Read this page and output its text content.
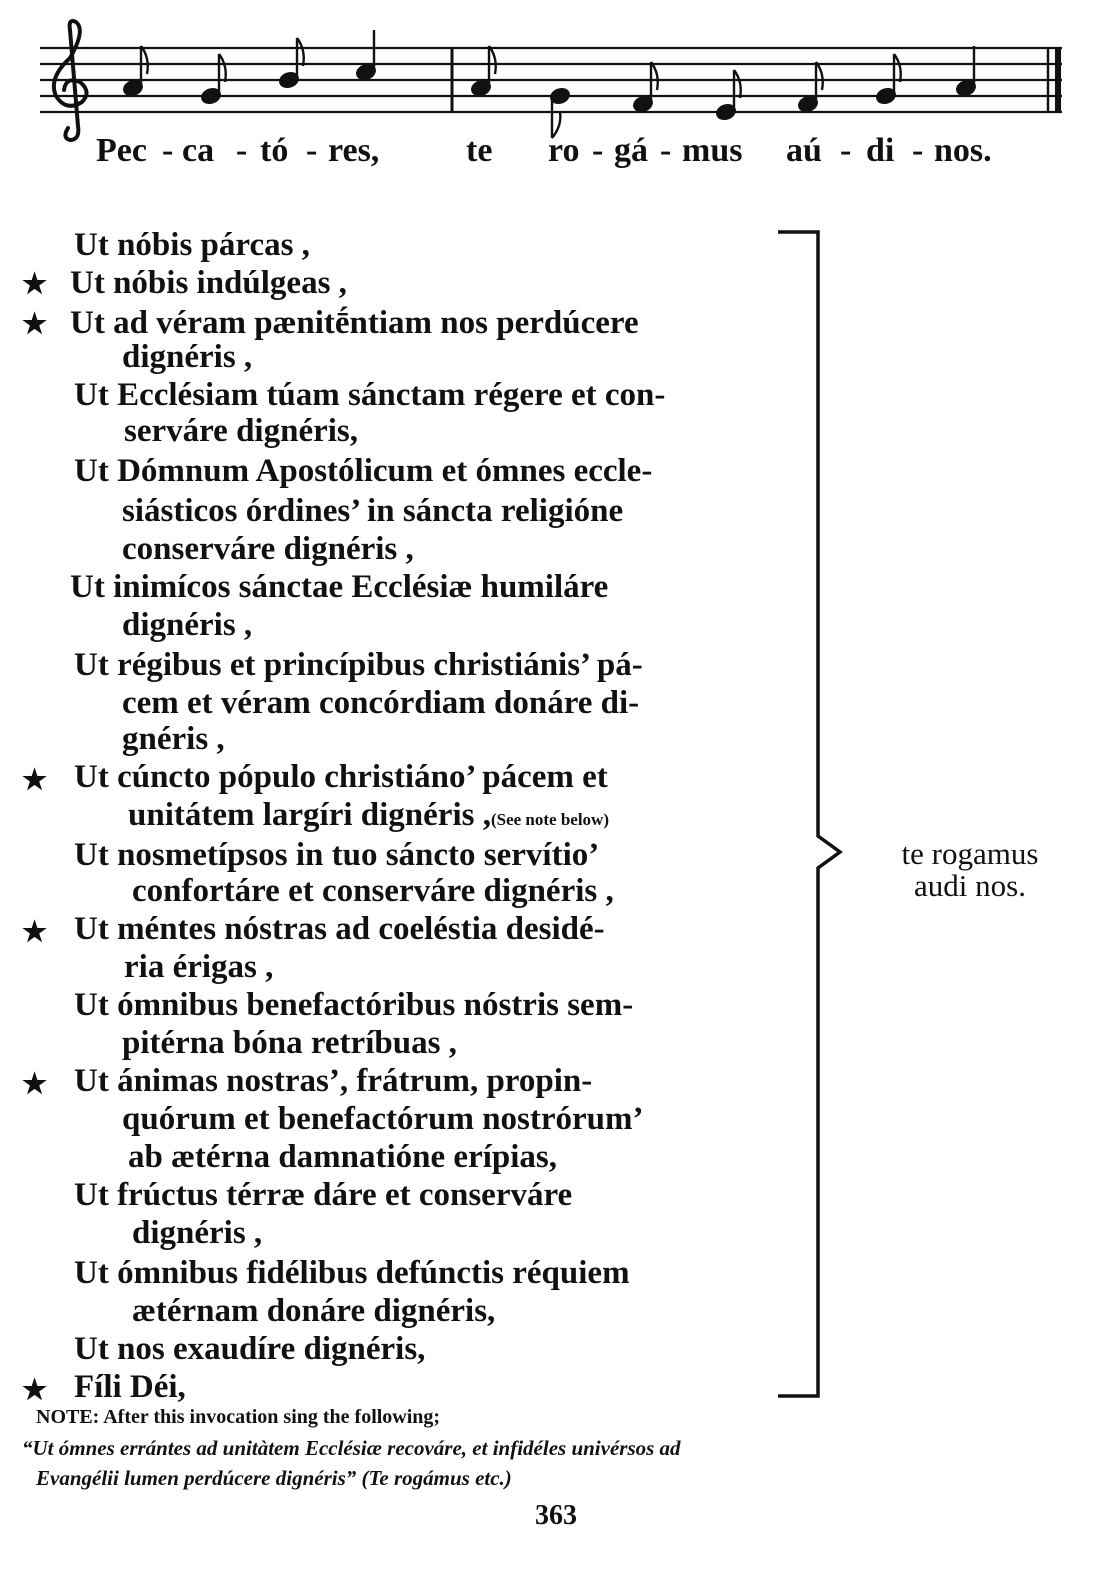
Pec - ca - tó - res,	te ro - gá - mus aú - di - nos.
Ut nóbis párcas ,
★ Ut nóbis indúlgeas ,
★ Ut ad véram pænitḗntiam nos perdúcere
dignéris ,
Ut Ecclésiam túam sánctam régere et con-
serváre dignéris,
Ut Dómnum Apostólicum et ómnes eccle-
siásticos órdines’ in sáncta religióne
conserváre dignéris ,
Ut inimícos sánctae Ecclésiæ humiláre
dignéris ,
Ut régibus et princípibus christiánis’ pá-
cem et véram concórdiam donáre di-
gnéris ,
★ Ut cúncto pópulo christiáno’ pácem et
unitátem largíri dignéris ,(See note below)
Ut nosmetípsos in tuo sáncto servítio’
confortáre et conserváre dignéris ,
★ Ut méntes nóstras ad coeléstia desidé-
ria érigas ,
Ut ómnibus benefactóribus nóstris sem-
pitérna bóna retríbuas ,
★ Ut ánimas nostras’, frátrum, propin-
quórum et benefactórum nostrórum’
ab ætérna damnatióne erípias,
Ut frúctus térræ dáre et conserváre
dignéris ,
Ut ómnibus fidélibus defúnctis réquiem
ætérnam donáre dignéris,
Ut nos exaudíre dignéris,
★ Fíli Déi,
te rogamus
audi nos.
NOTE: After this invocation sing the following;
“Ut ómnes errántes ad unitàtem Ecclésiæ recováre, et infidéles univérsos ad
Evangélii lumen perdúcere dignéris” (Te rogámus etc.)
363
